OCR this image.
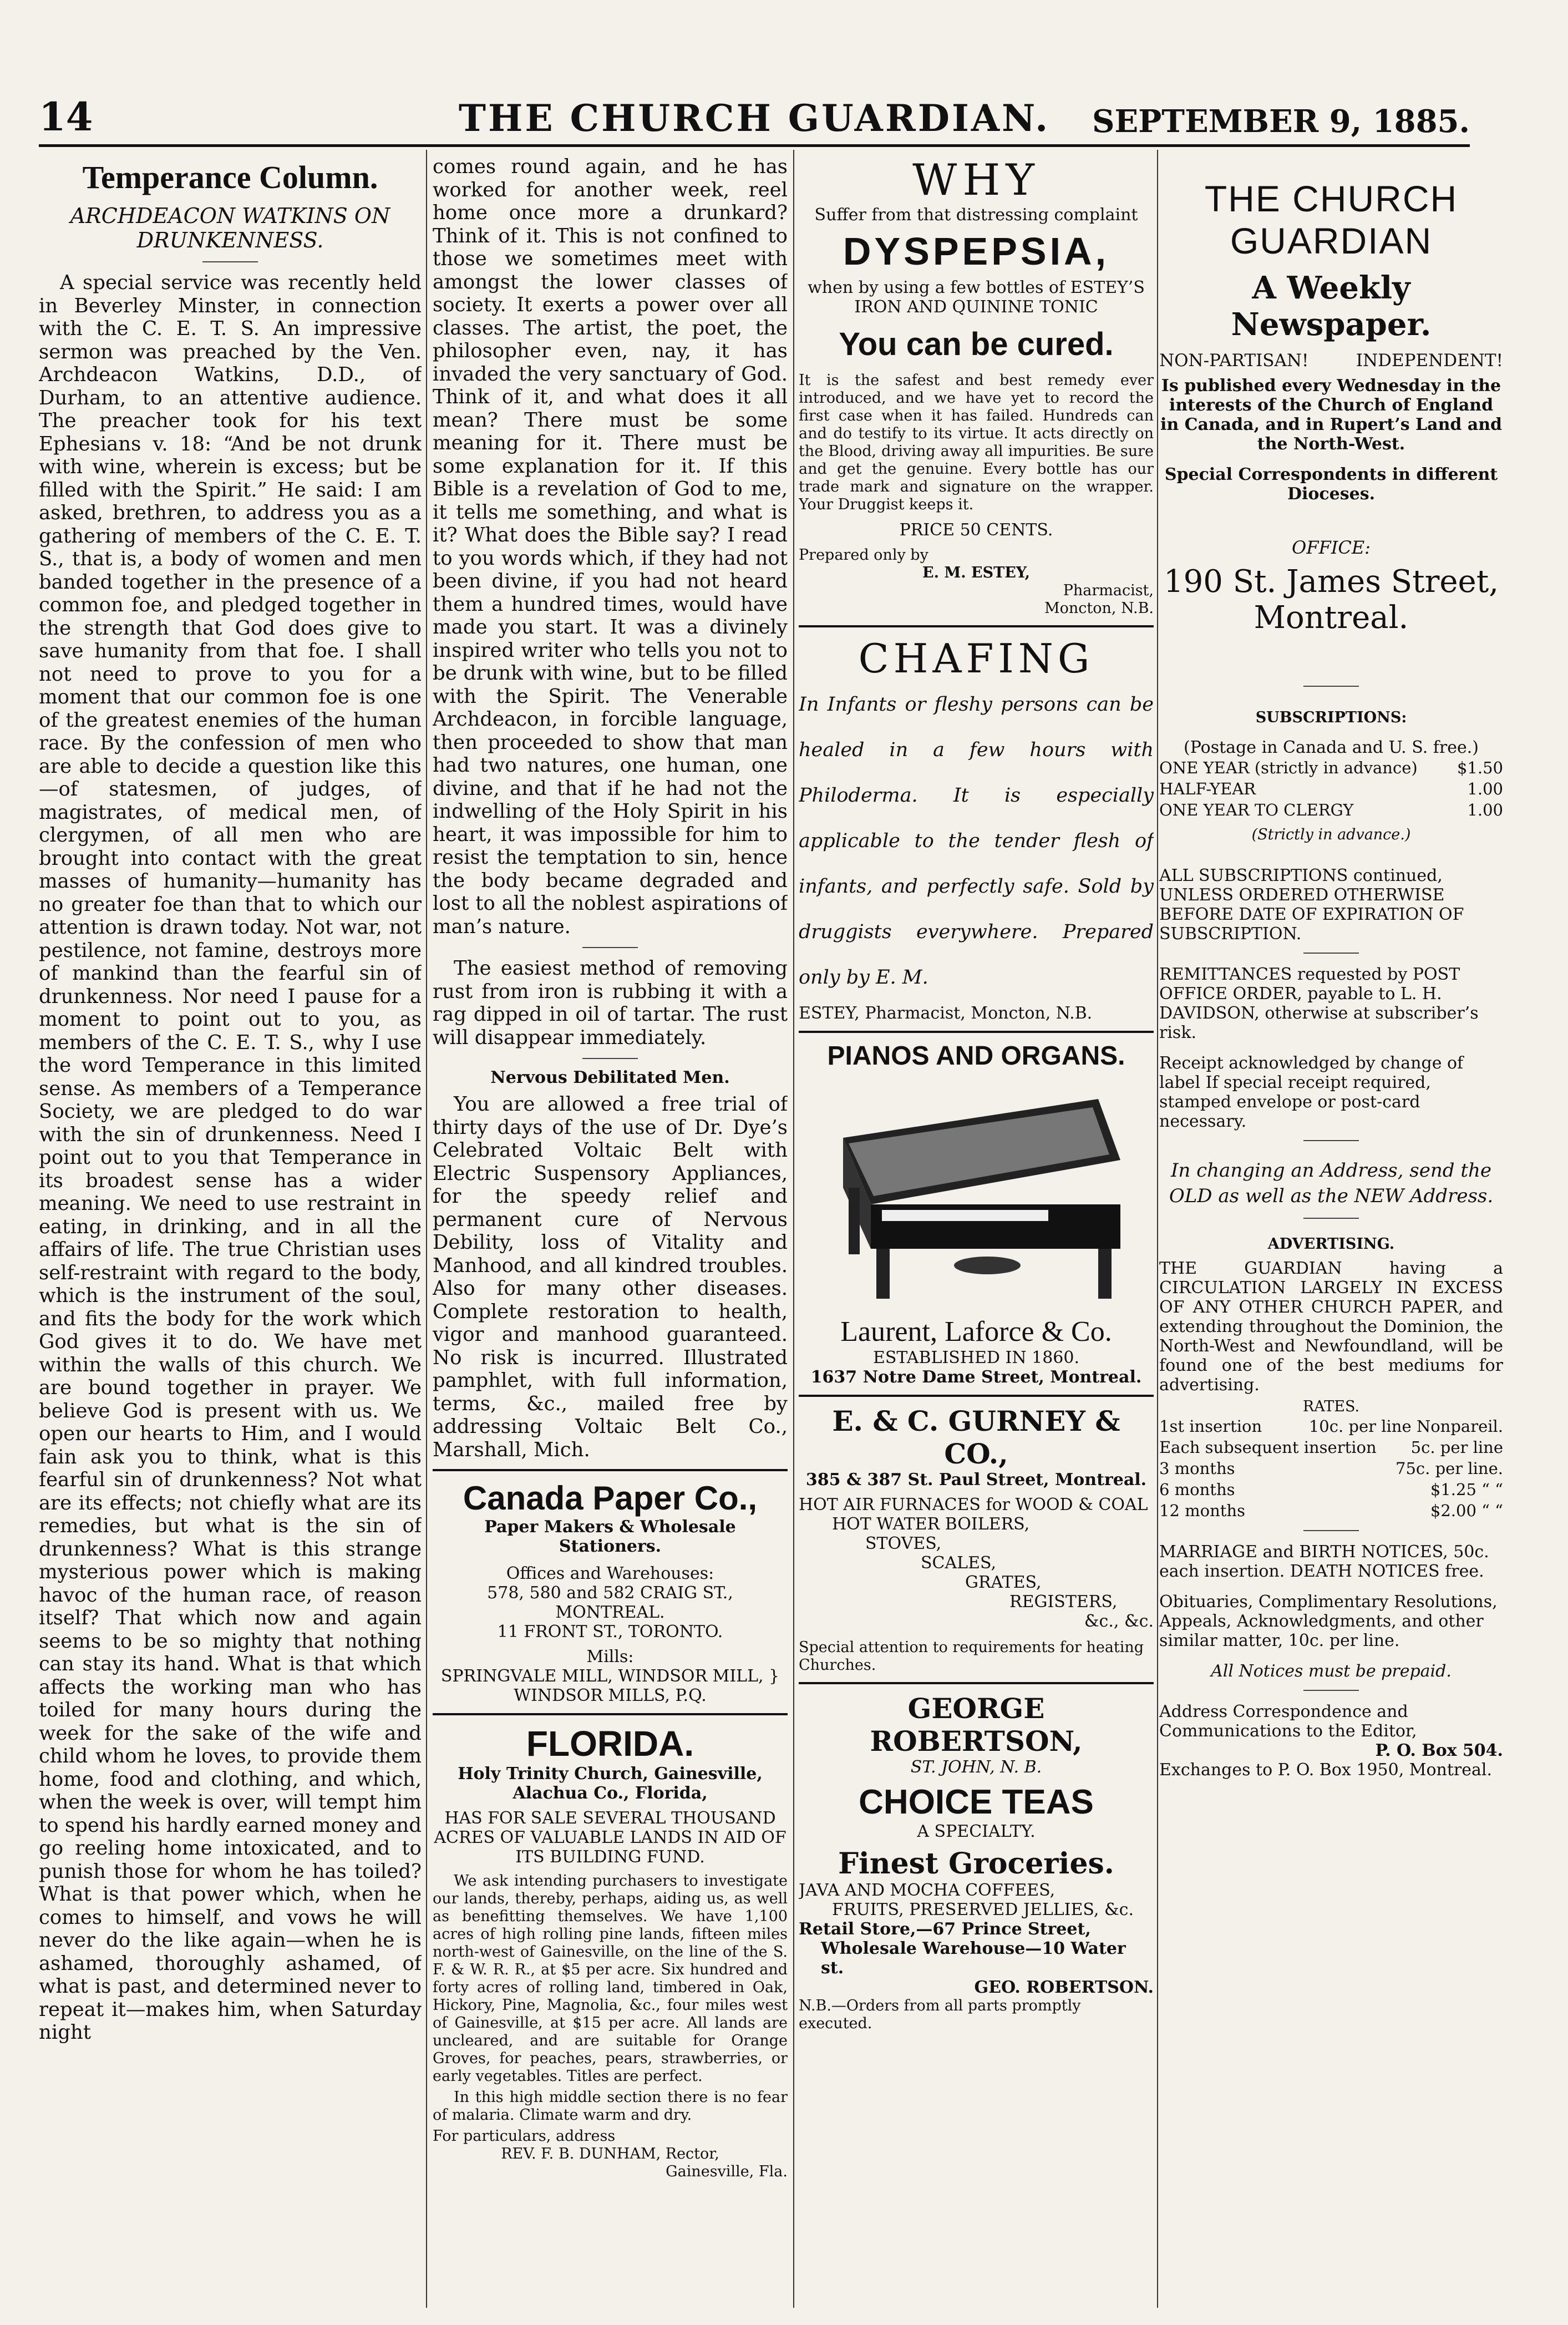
14	THE CHURCH GUARDIAN.	SEPTEMBER 9, 1885.
Temperance Column.
ARCHDEACON WATKINS ON DRUNKENNESS.

A special service was recently held in Beverley Minster, in connection with the C. E. T. S. An impressive sermon was preached by the Ven. Archdeacon Watkins, D.D., of Durham, to an attentive audience. The preacher took for his text Ephesians v. 18: “And be not drunk with wine, wherein is excess; but be filled with the Spirit.” He said: I am asked, brethren, to address you as a gathering of members of the C. E. T. S., that is, a body of women and men banded together in the presence of a common foe, and pledged together in the strength that God does give to save humanity from that foe. I shall not need to prove to you for a moment that our common foe is one of the greatest enemies of the human race. By the confession of men who are able to decide a question like this—of statesmen, of judges, of magistrates, of medical men, of clergymen, of all men who are brought into contact with the great masses of humanity—humanity has no greater foe than that to which our attention is drawn today. Not war, not pestilence, not famine, destroys more of mankind than the fearful sin of drunkenness. Nor need I pause for a moment to point out to you, as members of the C. E. T. S., why I use the word Temperance in this limited sense. As members of a Temperance Society, we are pledged to do war with the sin of drunkenness. Need I point out to you that Temperance in its broadest sense has a wider meaning. We need to use restraint in eating, in drinking, and in all the affairs of life. The true Christian uses self-restraint with regard to the body, which is the instrument of the soul, and fits the body for the work which God gives it to do. We have met within the walls of this church. We are bound together in prayer. We believe God is present with us. We open our hearts to Him, and I would fain ask you to think, what is this fearful sin of drunkenness? Not what are its effects; not chiefly what are its remedies, but what is the sin of drunkenness? What is this strange mysterious power which is making havoc of the human race, of reason itself? That which now and again seems to be so mighty that nothing can stay its hand. What is that which affects the working man who has toiled for many hours during the week for the sake of the wife and child whom he loves, to provide them home, food and clothing, and which, when the week is over, will tempt him to spend his hardly earned money and go reeling home intoxicated, and to punish those for whom he has toiled? What is that power which, when he comes to himself, and vows he will never do the like again—when he is ashamed, thoroughly ashamed, of what is past, and determined never to repeat it—makes him, when Saturday night

comes round again, and he has worked for another week, reel home once more a drunkard? Think of it. This is not confined to those we sometimes meet with amongst the lower classes of society. It exerts a power over all classes. The artist, the poet, the philosopher even, nay, it has invaded the very sanctuary of God. Think of it, and what does it all mean? There must be some meaning for it. There must be some explanation for it. If this Bible is a revelation of God to me, it tells me something, and what is it? What does the Bible say? I read to you words which, if they had not been divine, if you had not heard them a hundred times, would have made you start. It was a divinely inspired writer who tells you not to be drunk with wine, but to be filled with the Spirit. The Venerable Archdeacon, in forcible language, then proceeded to show that man had two natures, one human, one divine, and that if he had not the indwelling of the Holy Spirit in his heart, it was impossible for him to resist the temptation to sin, hence the body became degraded and lost to all the noblest aspirations of man’s nature.

The easiest method of removing rust from iron is rubbing it with a rag dipped in oil of tartar. The rust will disappear immediately.

Nervous Debilitated Men.

You are allowed a free trial of thirty days of the use of Dr. Dye’s Celebrated Voltaic Belt with Electric Suspensory Appliances, for the speedy relief and permanent cure of Nervous Debility, loss of Vitality and Manhood, and all kindred troubles. Also for many other diseases. Complete restoration to health, vigor and manhood guaranteed. No risk is incurred. Illustrated pamphlet, with full information, terms, &c., mailed free by addressing Voltaic Belt Co., Marshall, Mich.

Canada Paper Co.,
Paper Makers & Wholesale Stationers.
Offices and Warehouses:
578, 580 and 582 CRAIG ST., MONTREAL.
11 FRONT ST., TORONTO.
Mills:
SPRINGVALE MILL, WINDSOR MILL, } WINDSOR MILLS, P.Q.
FLORIDA.
Holy Trinity Church, Gainesville, Alachua Co., Florida,
HAS FOR SALE SEVERAL THOUSAND ACRES OF VALUABLE LANDS IN AID OF ITS BUILDING FUND.

We ask intending purchasers to investigate our lands, thereby, perhaps, aiding us, as well as benefitting themselves. We have 1,100 acres of high rolling pine lands, fifteen miles north-west of Gainesville, on the line of the S. F. & W. R. R., at $5 per acre. Six hundred and forty acres of rolling land, timbered in Oak, Hickory, Pine, Magnolia, &c., four miles west of Gainesville, at $15 per acre. All lands are uncleared, and are suitable for Orange Groves, for peaches, pears, strawberries, or early vegetables. Titles are perfect.

In this high middle section there is no fear of malaria. Climate warm and dry.

For particulars, address
REV. F. B. DUNHAM, Rector,
Gainesville, Fla.
WHY
Suffer from that distressing complaint
DYSPEPSIA,
when by using a few bottles of ESTEY’S IRON AND QUININE TONIC
You can be cured.

It is the safest and best remedy ever introduced, and we have yet to record the first case when it has failed. Hundreds can and do testify to its virtue. It acts directly on the Blood, driving away all impurities. Be sure and get the genuine. Every bottle has our trade mark and signature on the wrapper. Your Druggist keeps it.

PRICE 50 CENTS.
Prepared only by
E. M. ESTEY,
Pharmacist,
Moncton, N.B.
CHAFING

In Infants or fleshy persons can be healed in a few hours with Philoderma. It is especially applicable to the tender flesh of infants, and perfectly safe. Sold by druggists everywhere. Prepared only by E. M.

ESTEY, Pharmacist, Moncton, N.B.
PIANOS AND ORGANS.
Laurent, Laforce & Co.
ESTABLISHED IN 1860.
1637 Notre Dame Street, Montreal.
E. & C. GURNEY & CO.,
385 & 387 St. Paul Street, Montreal.
HOT AIR FURNACES for WOOD & COAL
HOT WATER BOILERS,
STOVES,
SCALES,
GRATES,
REGISTERS,
&c., &c.
Special attention to requirements for heating Churches.
GEORGE ROBERTSON,
ST. JOHN, N. B.
CHOICE TEAS
A SPECIALTY.
Finest Groceries.
JAVA AND MOCHA COFFEES,
FRUITS, PRESERVED JELLIES, &c.
Retail Store,—67 Prince Street,
Wholesale Warehouse—10 Water st.
GEO. ROBERTSON.
N.B.—Orders from all parts promptly executed.
THE CHURCH GUARDIAN
A Weekly Newspaper.
NON-PARTISAN!	INDEPENDENT!
Is published every Wednesday in the interests of the Church of England in Canada, and in Rupert’s Land and the North-West.
Special Correspondents in different Dioceses.
OFFICE:
190 St. James Street, Montreal.
SUBSCRIPTIONS:
(Postage in Canada and U. S. free.)
ONE YEAR (strictly in advance) $1.50
HALF-YEAR	1.00
ONE YEAR TO CLERGY	1.00
(Strictly in advance.)
ALL SUBSCRIPTIONS continued, UNLESS ORDERED OTHERWISE BEFORE DATE OF EXPIRATION OF SUBSCRIPTION.
REMITTANCES requested by POST OFFICE ORDER, payable to L. H. DAVIDSON, otherwise at subscriber’s risk.
Receipt acknowledged by change of label If special receipt required, stamped envelope or post-card necessary.
In changing an Address, send the OLD as well as the NEW Address.
ADVERTISING.

THE GUARDIAN having a CIRCULATION LARGELY IN EXCESS OF ANY OTHER CHURCH PAPER, and extending throughout the Dominion, the North-West and Newfoundland, will be found one of the best mediums for advertising.

RATES.
1st insertion	10c. per line Nonpareil.
Each subsequent insertion 5c. per line
3 months	75c. per line.
6 months	$1.25 “ “
12 months	$2.00 “ “
MARRIAGE and BIRTH NOTICES, 50c. each insertion. DEATH NOTICES free.
Obituaries, Complimentary Resolutions, Appeals, Acknowledgments, and other similar matter, 10c. per line.
All Notices must be prepaid.
Address Correspondence and Communications to the Editor,
P. O. Box 504.
Exchanges to P. O. Box 1950, Montreal.
